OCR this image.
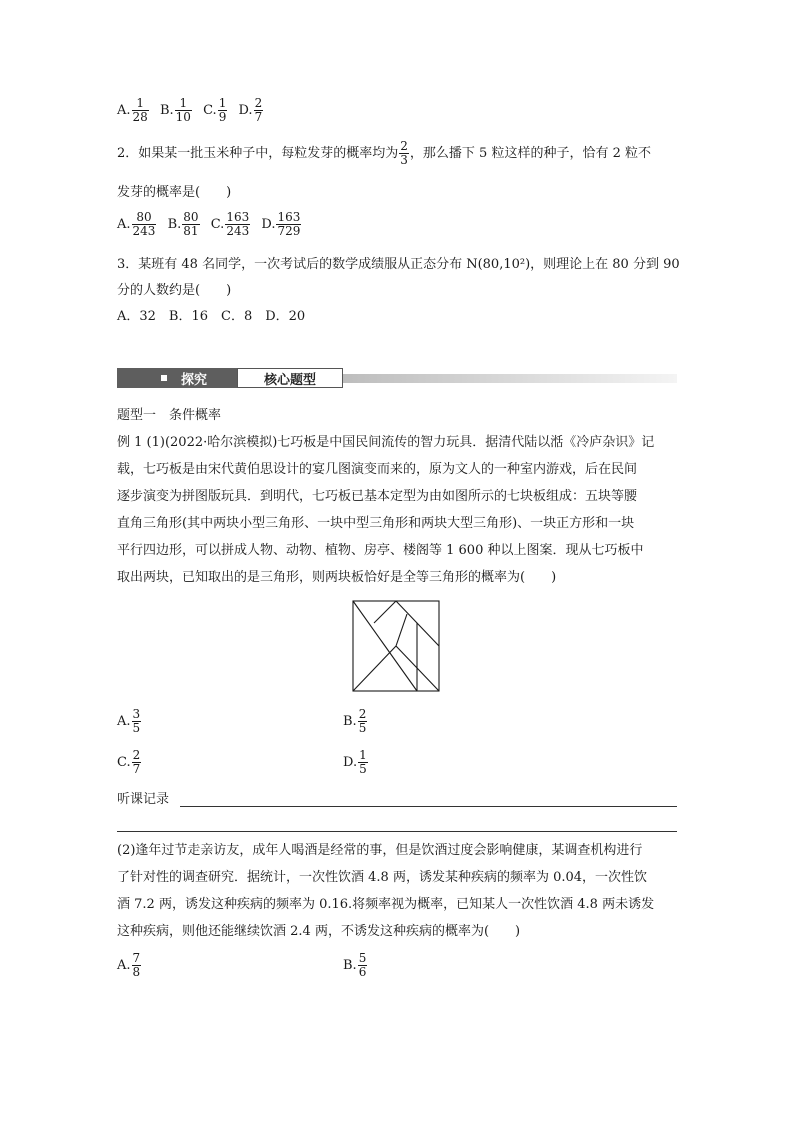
A. $\frac{1}{28}$
B. $\frac{1}{10}$
C. $\frac{1}{9}$
D. $\frac{2}{7}$
2．如果某一批玉米种子中，每粒发芽的概率均为 $\frac{2}{3}$ ，那么播下 5 粒这样的种子，恰有 2 粒不
发芽的概率是(　　)
A. $\frac{80}{243}$
B. $\frac{80}{81}$
C. $\frac{163}{243}$
D. $\frac{163}{729}$
3．某班有 48 名同学，一次考试后的数学成绩服从正态分布 N(80,10²)，则理论上在 80 分到 90
分的人数约是(　　)
A．32　B．16　C．8　D．20
探究	核心题型
题型一　条件概率
例 1 (1)(2022·哈尔滨模拟)七巧板是中国民间流传的智力玩具．据清代陆以湉《冷庐杂识》记
载，七巧板是由宋代黄伯思设计的宴几图演变而来的，原为文人的一种室内游戏，后在民间
逐步演变为拼图版玩具．到明代，七巧板已基本定型为由如图所示的七块板组成：五块等腰
直角三角形(其中两块小型三角形、一块中型三角形和两块大型三角形)、一块正方形和一块
平行四边形，可以拼成人物、动物、植物、房亭、楼阁等 1 600 种以上图案．现从七巧板中
取出两块，已知取出的是三角形，则两块板恰好是全等三角形的概率为(　　)
A. $\frac{3}{5}$	B. $\frac{2}{5}$
C. $\frac{2}{7}$	D. $\frac{1}{5}$
听课记录
(2)逢年过节走亲访友，成年人喝酒是经常的事，但是饮酒过度会影响健康，某调查机构进行
了针对性的调查研究．据统计，一次性饮酒 4.8 两，诱发某种疾病的频率为 0.04，一次性饮
酒 7.2 两，诱发这种疾病的频率为 0.16.将频率视为概率，已知某人一次性饮酒 4.8 两未诱发
这种疾病，则他还能继续饮酒 2.4 两，不诱发这种疾病的概率为(　　)
A. $\frac{7}{8}$	B. $\frac{5}{6}$
